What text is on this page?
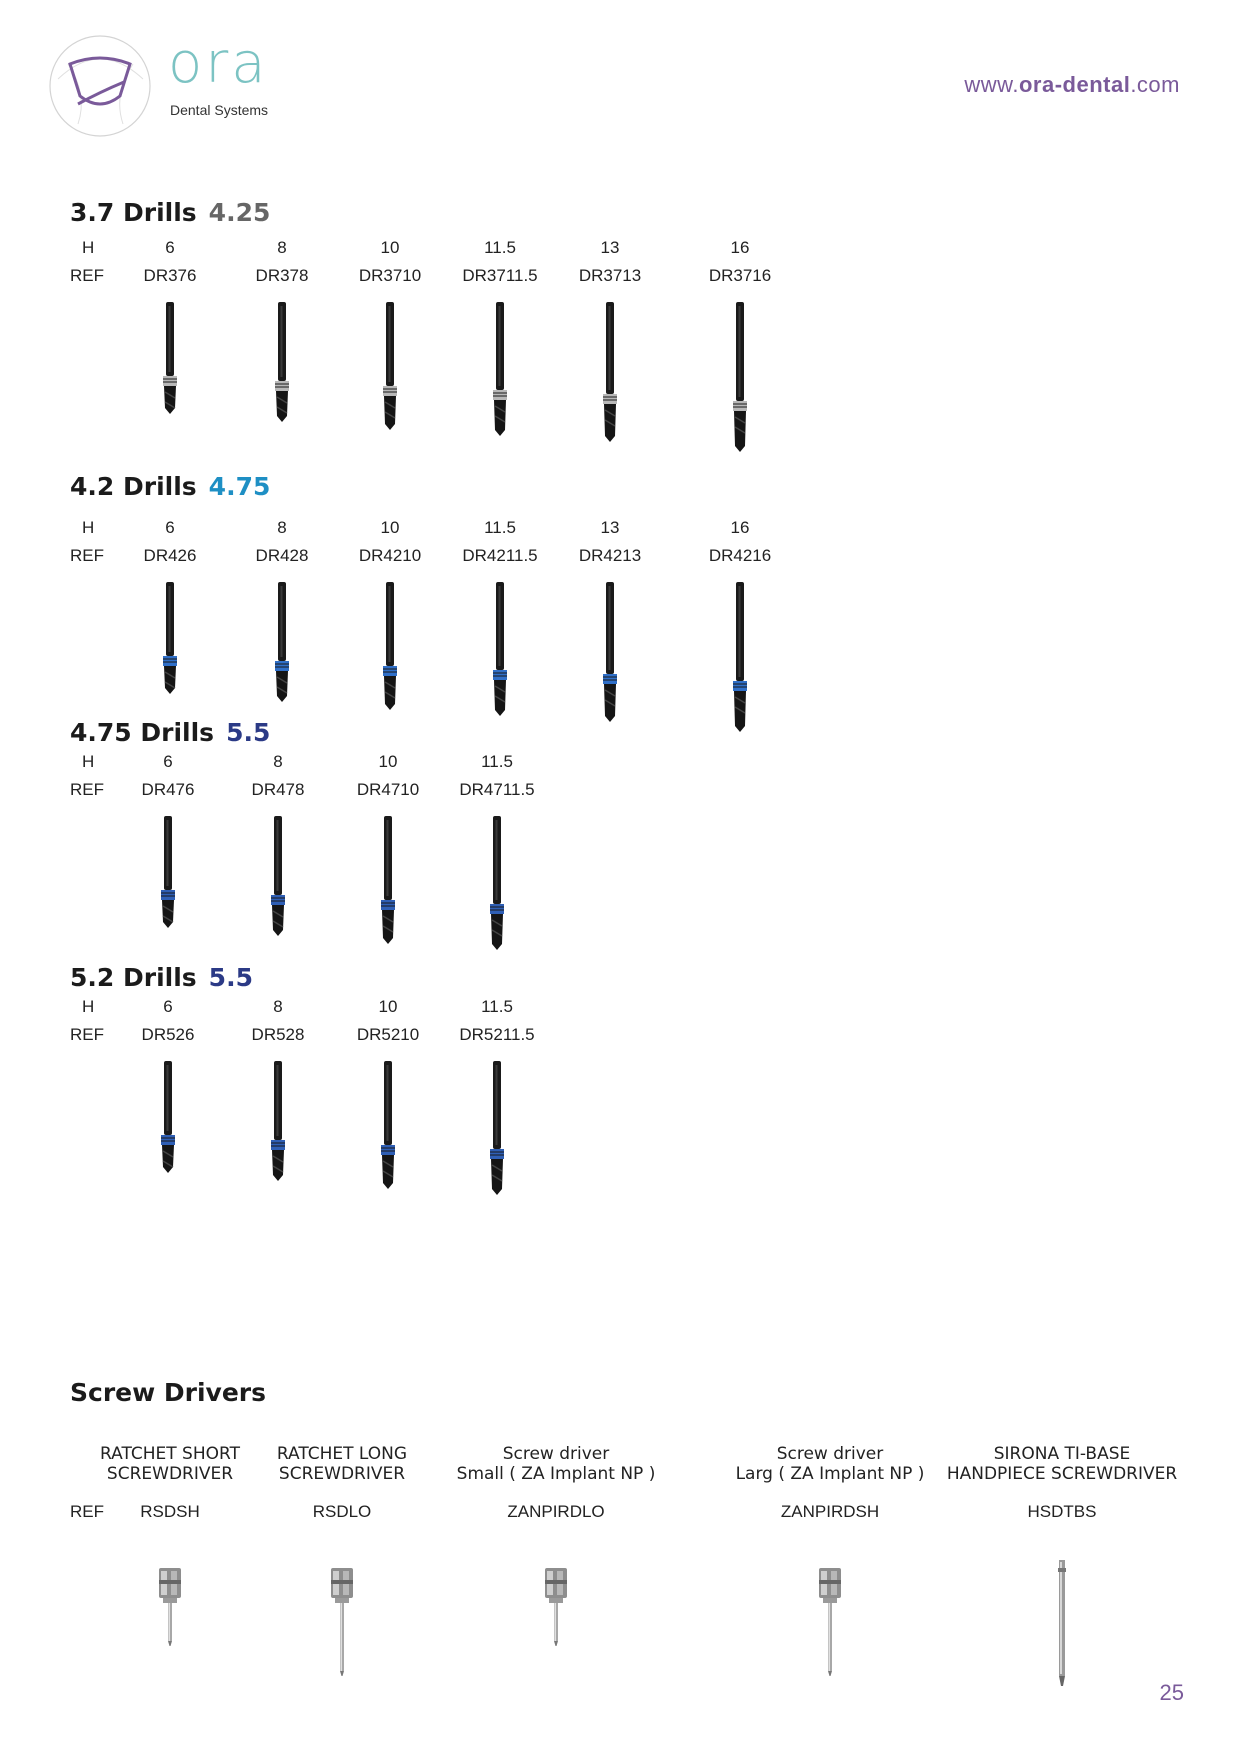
ora
Dental Systems
www.ora-dental.com
3.7 Drills 4.25
H
REF
6
DR376
8
DR378
10
DR3710
11.5
DR3711.5
13
DR3713
16
DR3716
4.2 Drills 4.75
H
REF
6
DR426
8
DR428
10
DR4210
11.5
DR4211.5
13
DR4213
16
DR4216
4.75 Drills 5.5
H
REF
6
DR476
8
DR478
10
DR4710
11.5
DR4711.5
5.2 Drills 5.5
H
REF
6
DR526
8
DR528
10
DR5210
11.5
DR5211.5
Screw Drivers
REF
RATCHET SHORT
SCREWDRIVER
RSDSH
RATCHET LONG
SCREWDRIVER
RSDLO
Screw driver
Small ( ZA Implant NP )
ZANPIRDLO
Screw driver
Larg ( ZA Implant NP )
ZANPIRDSH
SIRONA TI-BASE
HANDPIECE SCREWDRIVER
HSDTBS
25
